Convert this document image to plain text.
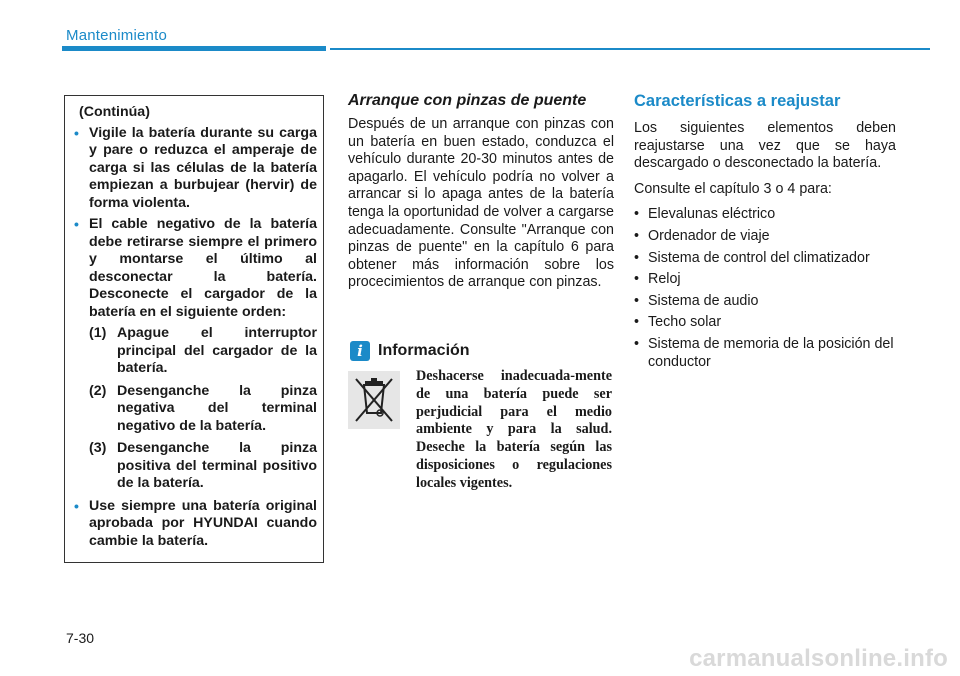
Mantenimiento
(Continúa)
• Vigile la batería durante su carga y pare o reduzca el amperaje de carga si las células de la batería empiezan a burbujear (hervir) de forma violenta.
• El cable negativo de la batería debe retirarse siempre el primero y montarse el último al desconectar la batería. Desconecte el cargador de la batería en el siguiente orden:
(1) Apague el interruptor principal del cargador de la batería.
(2) Desenganche la pinza negativa del terminal negativo de la batería.
(3) Desenganche la pinza positiva del terminal positivo de la batería.
• Use siempre una batería original aprobada por HYUNDAI cuando cambie la batería.
Arranque con pinzas de puente

Después de un arranque con pinzas con un batería en buen estado, conduzca el vehículo durante 20-30 minutos antes de apagarlo. El vehículo podría no volver a arrancar si lo apaga antes de la batería tenga la oportunidad de volver a cargarse adecuadamente. Consulte "Arranque con pinzas de puente" en la capítulo 6 para obtener más información sobre los procecimientos de arranque con pinzas.

i Información
Deshacerse inadecuada-mente de una batería puede ser perjudicial para el medio ambiente y para la salud. Deseche la batería según las disposiciones o regulaciones locales vigentes.
Características a reajustar

Los siguientes elementos deben reajustarse una vez que se haya descargado o desconectado la batería.

Consulte el capítulo 3 o 4 para:

• Elevalunas eléctrico
• Ordenador de viaje
• Sistema de control del climatizador
• Reloj
• Sistema de audio
• Techo solar
• Sistema de memoria de la posición del conductor
7-30
carmanualsonline.info
